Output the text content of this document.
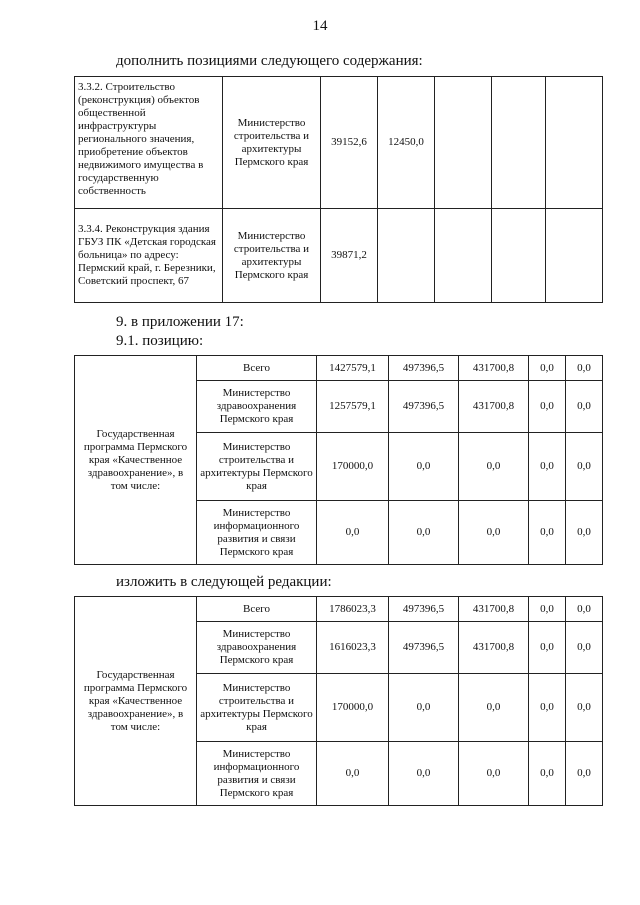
14
дополнить позициями следующего содержания:
3.3.2. Строительство (реконструкция) объектов общественной инфраструктуры регионального значения, приобретение объектов недвижимого имущества в государственную собственность	Министерство строительства и архитектуры Пермского края	39152,6	12450,0			
3.3.4. Реконструкция здания ГБУЗ ПК «Детская городская больница» по адресу: Пермский край, г. Березники, Советский проспект, 67	Министерство строительства и архитектуры Пермского края	39871,2				
9. в приложении 17:
9.1. позицию:
Государственная программа Пермского края «Качественное здравоохранение», в том числе:	Всего	1427579,1	497396,5	431700,8	0,0	0,0
	Министерство здравоохранения Пермского края	1257579,1	497396,5	431700,8	0,0	0,0
	Министерство строительства и архитектуры Пермского края	170000,0	0,0	0,0	0,0	0,0
	Министерство информационного развития и связи Пермского края	0,0	0,0	0,0	0,0	0,0
изложить в следующей редакции:
Государственная программа Пермского края «Качественное здравоохранение», в том числе:	Всего	1786023,3	497396,5	431700,8	0,0	0,0
	Министерство здравоохранения Пермского края	1616023,3	497396,5	431700,8	0,0	0,0
	Министерство строительства и архитектуры Пермского края	170000,0	0,0	0,0	0,0	0,0
	Министерство информационного развития и связи Пермского края	0,0	0,0	0,0	0,0	0,0
